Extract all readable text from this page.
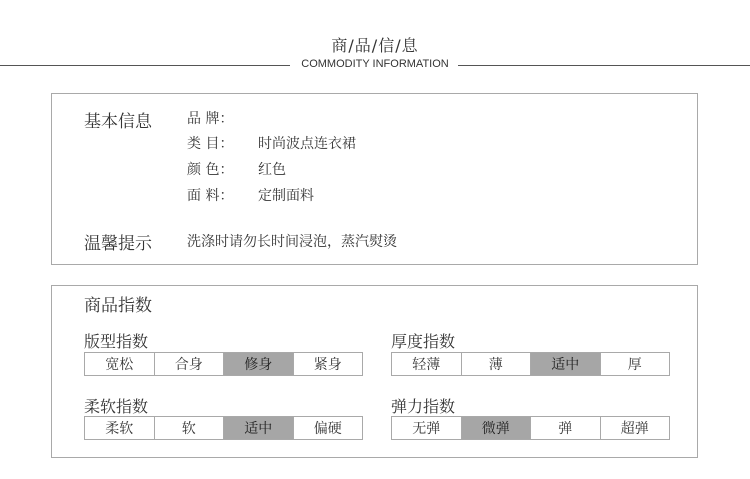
商/品/信/息
COMMODITY INFORMATION
基本信息	品 牌：
类 目： 时尚波点连衣裙
颜 色： 红色
面 料： 定制面料
温馨提示	洗涤时请勿长时间浸泡，蒸汽熨烫
商品指数
版型指数
宽松	合身	修身	紧身
厚度指数
轻薄	薄	适中	厚
柔软指数
柔软	软	适中	偏硬
弹力指数
无弹	微弹	弹	超弹
